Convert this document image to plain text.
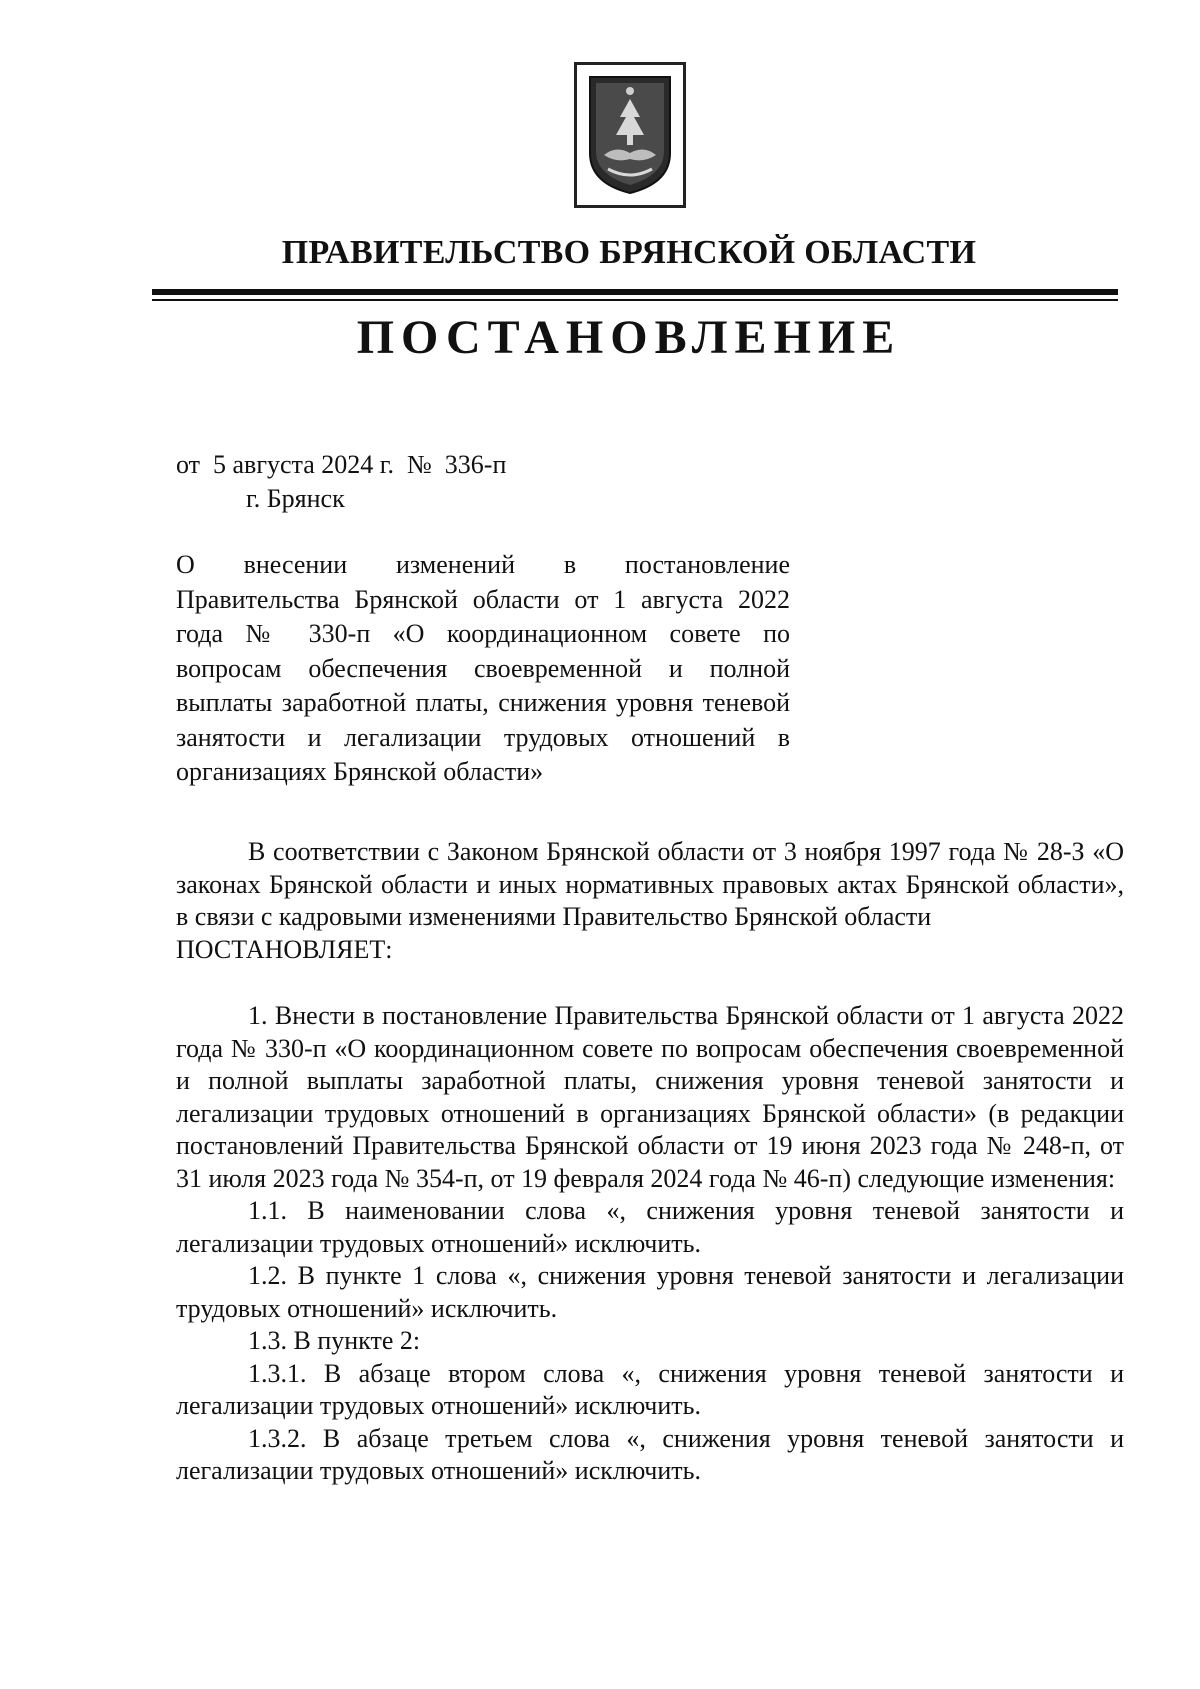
ПРАВИТЕЛЬСТВО БРЯНСКОЙ ОБЛАСТИ
ПОСТАНОВЛЕНИЕ
от  5 августа 2024 г.  №  336-п
г. Брянск
О внесении изменений в постановление Правительства Брянской области от 1 августа 2022 года № 330-п «О координационном совете по вопросам обеспечения своевременной и полной выплаты заработной платы, снижения уровня теневой занятости и легализации трудовых отношений в организациях Брянской области»

В соответствии с Законом Брянской области от 3 ноября 1997 года № 28-З «О законах Брянской области и иных нормативных правовых актах Брянской области», в связи с кадровыми изменениями Правительство Брянской области

ПОСТАНОВЛЯЕТ:

1. Внести в постановление Правительства Брянской области от 1 августа 2022 года № 330-п «О координационном совете по вопросам обеспечения своевременной и полной выплаты заработной платы, снижения уровня теневой занятости и легализации трудовых отношений в организациях Брянской области» (в редакции постановлений Правительства Брянской области от 19 июня 2023 года № 248-п, от 31 июля 2023 года № 354-п, от 19 февраля 2024 года № 46-п) следующие изменения:

1.1. В наименовании слова «, снижения уровня теневой занятости и легализации трудовых отношений» исключить.

1.2. В пункте 1 слова «, снижения уровня теневой занятости и легализации трудовых отношений» исключить.

1.3. В пункте 2:

1.3.1. В абзаце втором слова «, снижения уровня теневой занятости и легализации трудовых отношений» исключить.

1.3.2. В абзаце третьем слова «, снижения уровня теневой занятости и легализации трудовых отношений» исключить.
